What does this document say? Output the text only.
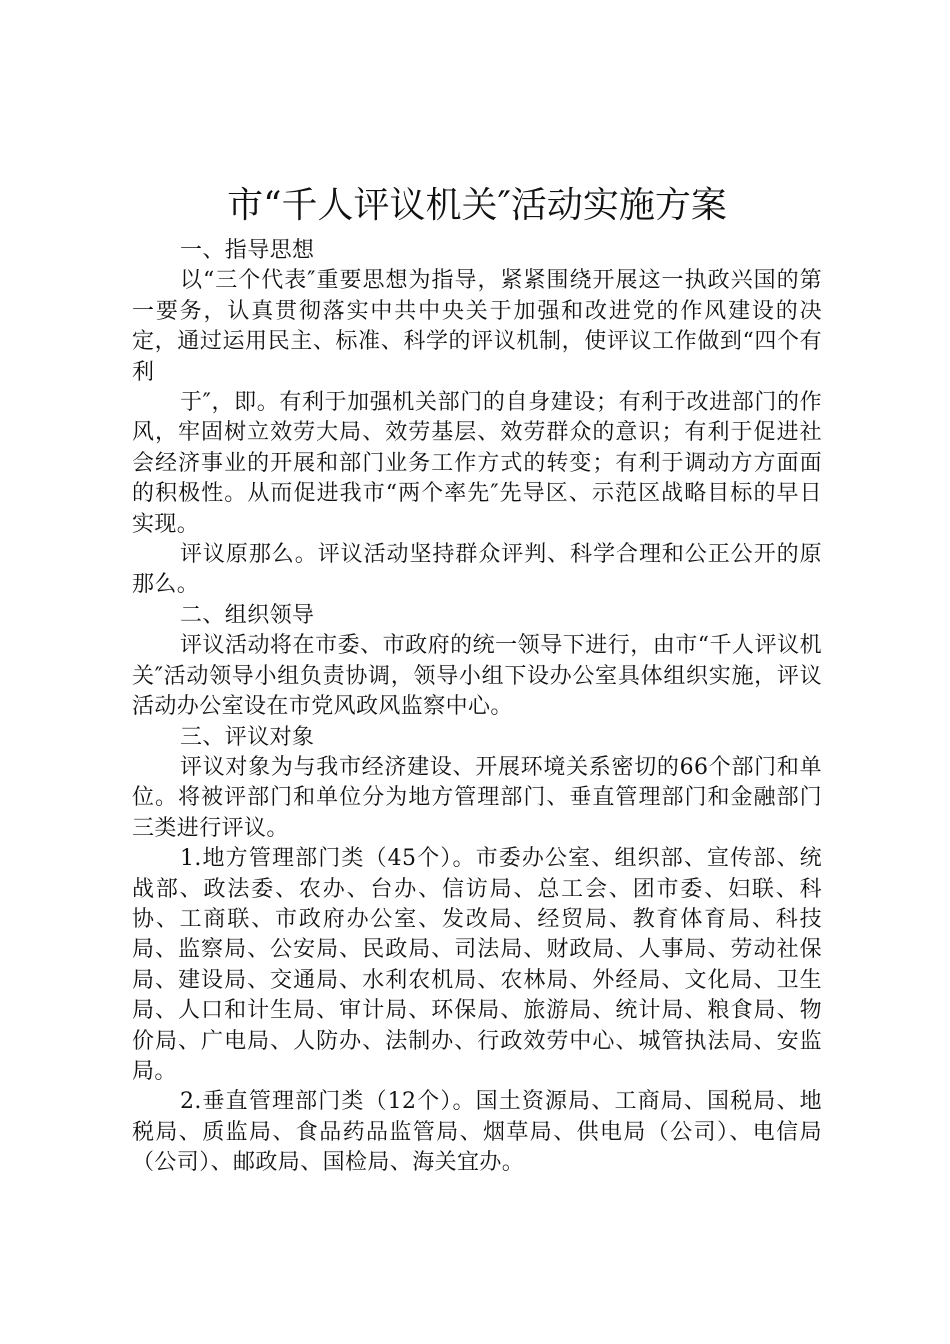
市“千人评议机关″活动实施方案

一、指导思想

以“三个代表″重要思想为指导，紧紧围绕开展这一执政兴国的第一要务，认真贯彻落实中共中央关于加强和改进党的作风建设的决定，通过运用民主、标准、科学的评议机制，使评议工作做到“四个有利

于″，即。有利于加强机关部门的自身建设；有利于改进部门的作风，牢固树立效劳大局、效劳基层、效劳群众的意识；有利于促进社会经济事业的开展和部门业务工作方式的转变；有利于调动方方面面的积极性。从而促进我市“两个率先″先导区、示范区战略目标的早日实现。

评议原那么。评议活动坚持群众评判、科学合理和公正公开的原那么。

二、组织领导

评议活动将在市委、市政府的统一领导下进行，由市“千人评议机关″活动领导小组负责协调，领导小组下设办公室具体组织实施，评议活动办公室设在市党风政风监察中心。

三、评议对象

评议对象为与我市经济建设、开展环境关系密切的66个部门和单位。将被评部门和单位分为地方管理部门、垂直管理部门和金融部门三类进行评议。

1.地方管理部门类（45个）。市委办公室、组织部、宣传部、统战部、政法委、农办、台办、信访局、总工会、团市委、妇联、科协、工商联、市政府办公室、发改局、经贸局、教育体育局、科技局、监察局、公安局、民政局、司法局、财政局、人事局、劳动社保局、建设局、交通局、水利农机局、农林局、外经局、文化局、卫生局、人口和计生局、审计局、环保局、旅游局、统计局、粮食局、物价局、广电局、人防办、法制办、行政效劳中心、城管执法局、安监局。

2.垂直管理部门类（12个）。国土资源局、工商局、国税局、地税局、质监局、食品药品监管局、烟草局、供电局（公司）、电信局（公司）、邮政局、国检局、海关宜办。
